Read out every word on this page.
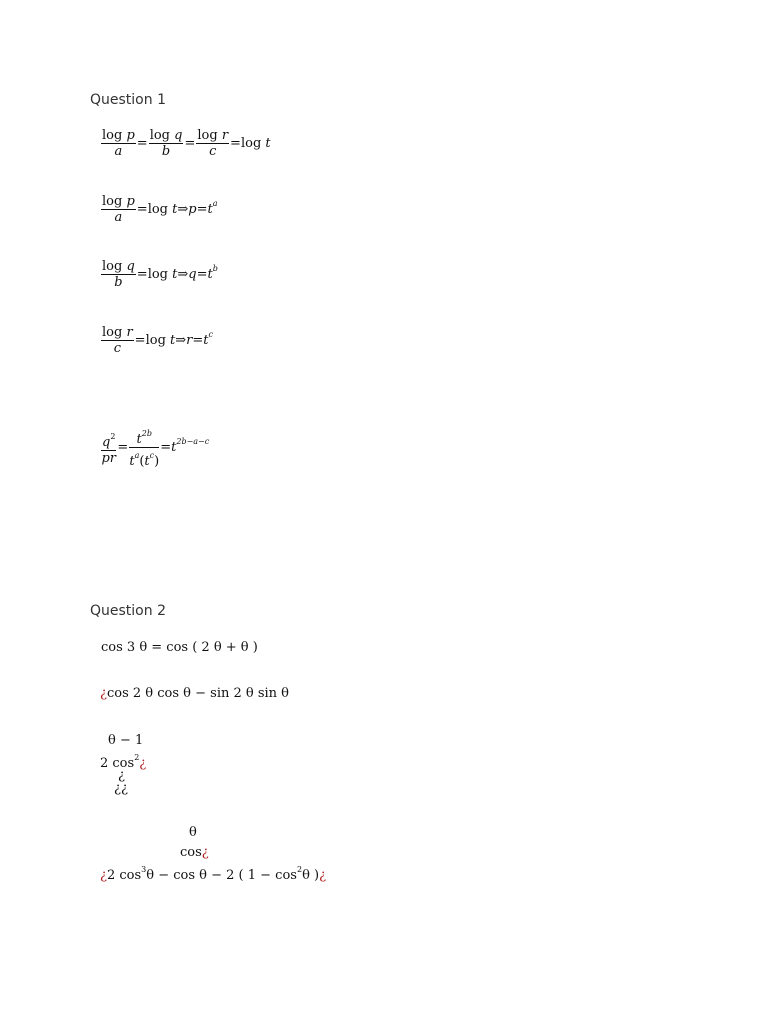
Question 1
$\frac{\text{log p}}{a} = \frac{\text{log q}}{b} = \frac{\text{log r}}{c} =\log$ t
$\frac{\text{log p}}{a} =\log$ $t\Rightarrow p=t^a$
$\frac{\text{log q}}{b} =\log$ $t\Rightarrow q=t^b$
$\frac{\text{log r}}{c} =\log$ $t\Rightarrow r=t^c$
$\frac{q^2}{pr} = \frac{t^{2b}}{t^a(t^c)} =t^{2b-a-c}$
Question 2
cos 3 θ = cos ( 2 θ + θ )
¿cos 2 θ cos θ − sin 2 θ sin θ
θ − 1
2 $\cos^2¿$
¿
¿¿
θ
cos¿
¿2 $\cos^3\theta - \cos \theta - 2$ ( $1 - \cos^2\theta$ )¿
